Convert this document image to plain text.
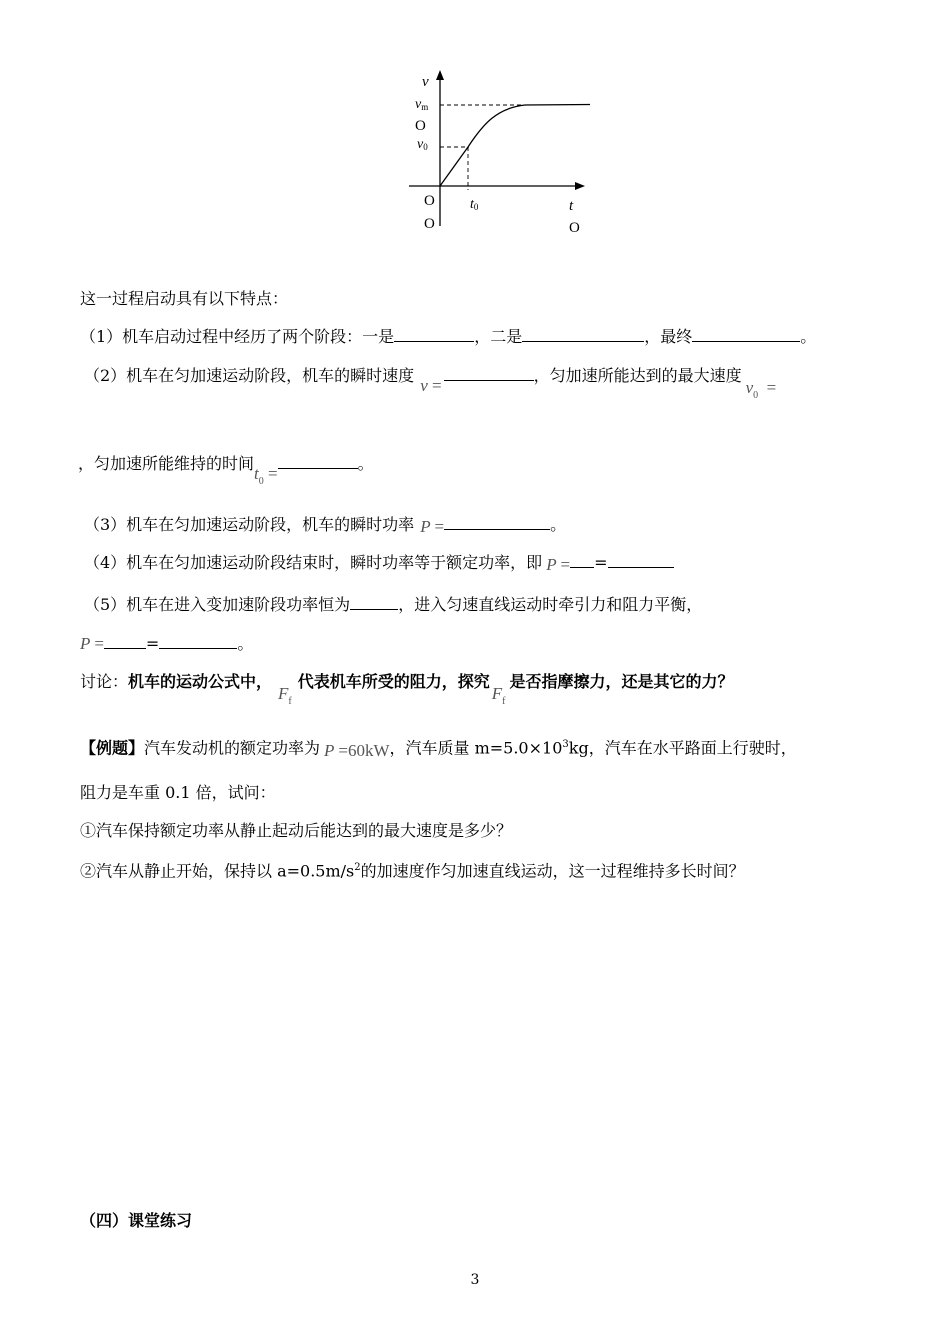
v
vm
O
v0
O
O
t0	t
O
这一过程启动具有以下特点：
（1）机车启动过程中经历了两个阶段：一是	，二是	，最终	。
（2）机车在匀加速运动阶段，机车的瞬时速度v =，匀加速所能达到的最大速度$v_0$ =
，匀加速所能维持的时间$t_0$ =。
（3）机车在匀加速运动阶段，机车的瞬时功率 P =	。
（4）机车在匀加速运动阶段结束时，瞬时功率等于额定功率，即 P = =
（5）机车在进入变加速阶段功率恒为	，进入匀速直线运动时牵引力和阻力平衡，
P =	=	。
讨论：机车的运动公式中，$F_f$代表机车所受的阻力，探究$F_f$是否指摩擦力，还是其它的力？
【例题】汽车发动机的额定功率为 P =60kW，汽车质量 $m=5.0\times 10^3kg$，汽车在水平路面上行驶时，
阻力是车重 0.1 倍，试问：
①汽车保持额定功率从静止起动后能达到的最大速度是多少？
②汽车从静止开始，保持以 $a=0.5m/s^2$的加速度作匀加速直线运动，这一过程维持多长时间？
（四）课堂练习
3
